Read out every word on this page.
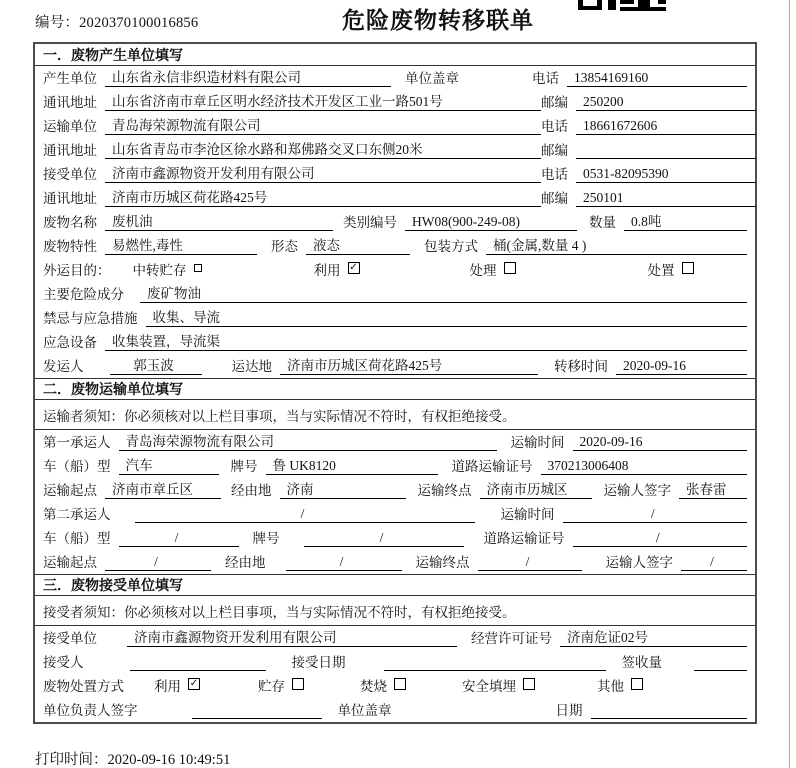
编号：2020370100016856	危险废物转移联单
一．废物产生单位填写
产生单位	山东省永信非织造材料有限公司	单位盖章	电话	13854169160
通讯地址	山东省济南市章丘区明水经济技术开发区工业一路501号	邮编	250200
运输单位	青岛海荣源物流有限公司	电话	18661672606
通讯地址	山东省青岛市李沧区徐水路和郑佛路交叉口东侧20米	邮编
接受单位	济南市鑫源物资开发利用有限公司	电话	0531-82095390
通讯地址	济南市历城区荷花路425号	邮编	250101
废物名称	废机油	类别编号	HW08(900-249-08)	数量	0.8吨
废物特性	易燃性,毒性	形态	液态	包装方式	桶(金属,数量 4 )
外运目的： 中转贮存	利用 ✓	处理	处置
主要危险成分	废矿物油
禁忌与应急措施	收集、导流
应急设备	收集装置，导流渠
发运人	郭玉波	运达地	济南市历城区荷花路425号	转移时间	2020-09-16
二．废物运输单位填写
运输者须知：你必须核对以上栏目事项，当与实际情况不符时，有权拒绝接受。
第一承运人	青岛海荣源物流有限公司	运输时间	2020-09-16
车（船）型	汽车	牌号	鲁 UK8120	道路运输证号	370213006408
运输起点	济南市章丘区	经由地	济南	运输终点	济南市历城区	运输人签字	张春雷
第二承运人	/	运输时间	/
车（船）型	/	牌号	/	道路运输证号	/
运输起点	/	经由地	/	运输终点	/	运输人签字	/
三．废物接受单位填写
接受者须知：你必须核对以上栏目事项，当与实际情况不符时，有权拒绝接受。
接受单位	济南市鑫源物资开发利用有限公司	经营许可证号	济南危证02号
接受人	接受日期	签收量
废物处置方式 利用 ✓	贮存	焚烧	安全填埋	其他
单位负责人签字	单位盖章	日期
打印时间：2020-09-16 10:49:51
